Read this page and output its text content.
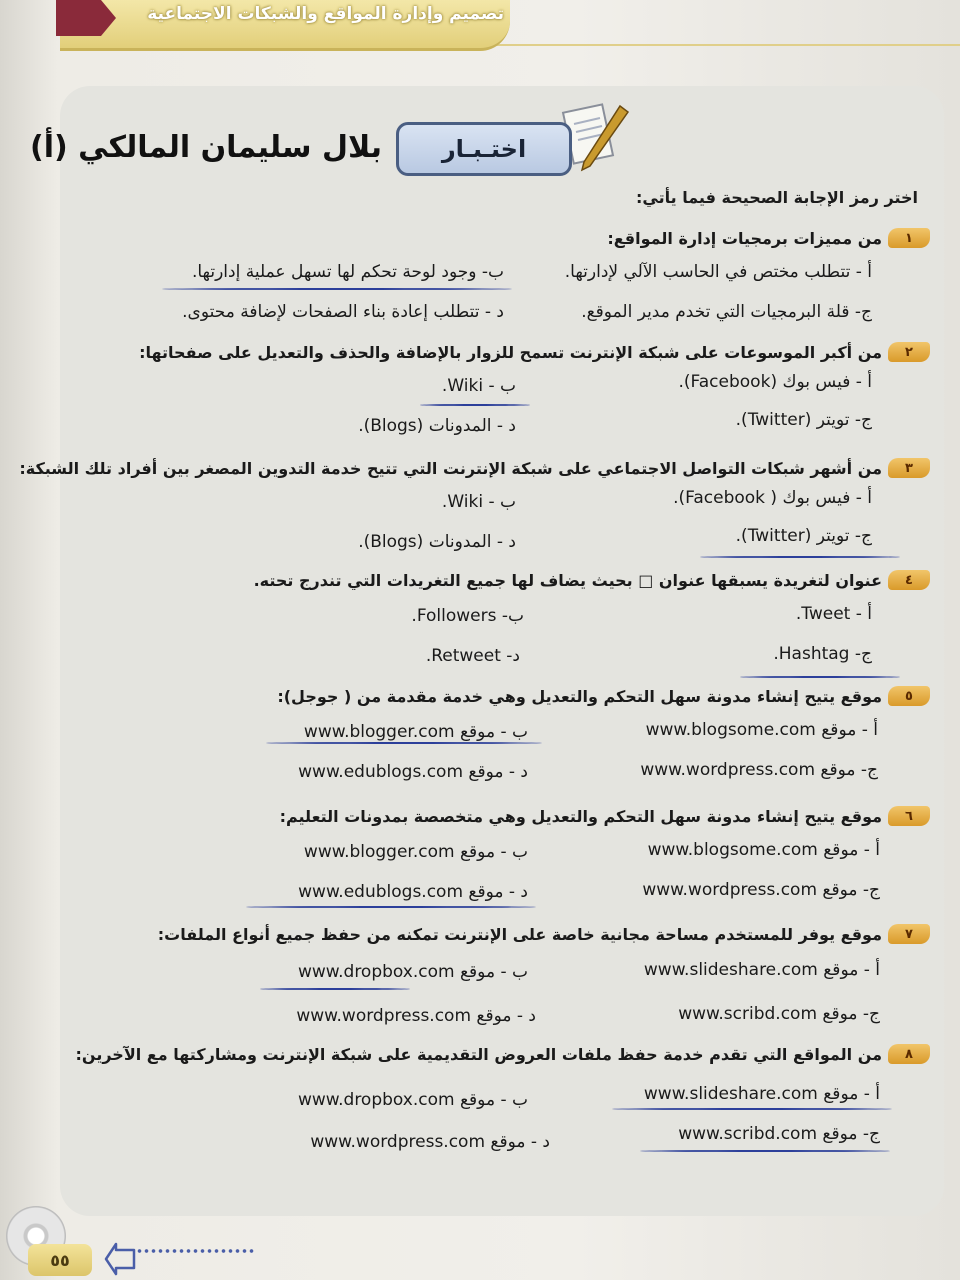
تصميم وإدارة المواقع والشبكات الاجتماعية
اختـبـار
بلال سليمان المالكي (أ)
اختر رمز الإجابة الصحيحة فيما يأتي:
١
من مميزات برمجيات إدارة المواقع:
أ - تتطلب مختص في الحاسب الآلي لإدارتها.
ب- وجود لوحة تحكم لها تسهل عملية إدارتها.
ج- قلة البرمجيات التي تخدم مدير الموقع.
د - تتطلب إعادة بناء الصفحات لإضافة محتوى.
٢
من أكبر الموسوعات على شبكة الإنترنت تسمح للزوار بالإضافة والحذف والتعديل على صفحاتها:
أ - فيس بوك (Facebook).
ب - Wiki.
ج- تويتر (Twitter).
د - المدونات (Blogs).
٣
من أشهر شبكات التواصل الاجتماعي على شبكة الإنترنت التي تتيح خدمة التدوين المصغر بين أفراد تلك الشبكة:
أ - فيس بوك ( Facebook).
ب - Wiki.
ج- تويتر (Twitter).
د - المدونات (Blogs).
٤
عنوان لتغريدة يسبقها عنوان □ بحيث يضاف لها جميع التغريدات التي تندرج تحته.
أ - Tweet.
ب- Followers.
ج- Hashtag.
د- Retweet.
٥
موقع يتيح إنشاء مدونة سهل التحكم والتعديل وهي خدمة مقدمة من ( جوجل):
أ - موقع www.blogsome.com
ب - موقع www.blogger.com
ج- موقع www.wordpress.com
د - موقع www.edublogs.com
٦
موقع يتيح إنشاء مدونة سهل التحكم والتعديل وهي متخصصة بمدونات التعليم:
أ - موقع www.blogsome.com
ب - موقع www.blogger.com
ج- موقع www.wordpress.com
د - موقع www.edublogs.com
٧
موقع يوفر للمستخدم مساحة مجانية خاصة على الإنترنت تمكنه من حفظ جميع أنواع الملفات:
أ - موقع www.slideshare.com
ب - موقع www.dropbox.com
ج- موقع www.scribd.com
د - موقع www.wordpress.com
٨
من المواقع التي تقدم خدمة حفظ ملفات العروض التقديمية على شبكة الإنترنت ومشاركتها مع الآخرين:
أ - موقع www.slideshare.com
ب - موقع www.dropbox.com
ج- موقع www.scribd.com
د - موقع www.wordpress.com
٥٥
